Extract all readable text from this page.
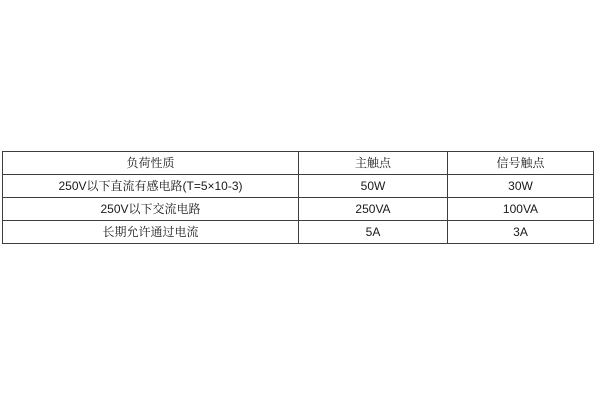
负荷性质	主触点	信号触点
250V以下直流有感电路(T=5×10-3)	50W	30W
250V以下交流电路	250VA	100VA
长期允许通过电流	5A	3A
